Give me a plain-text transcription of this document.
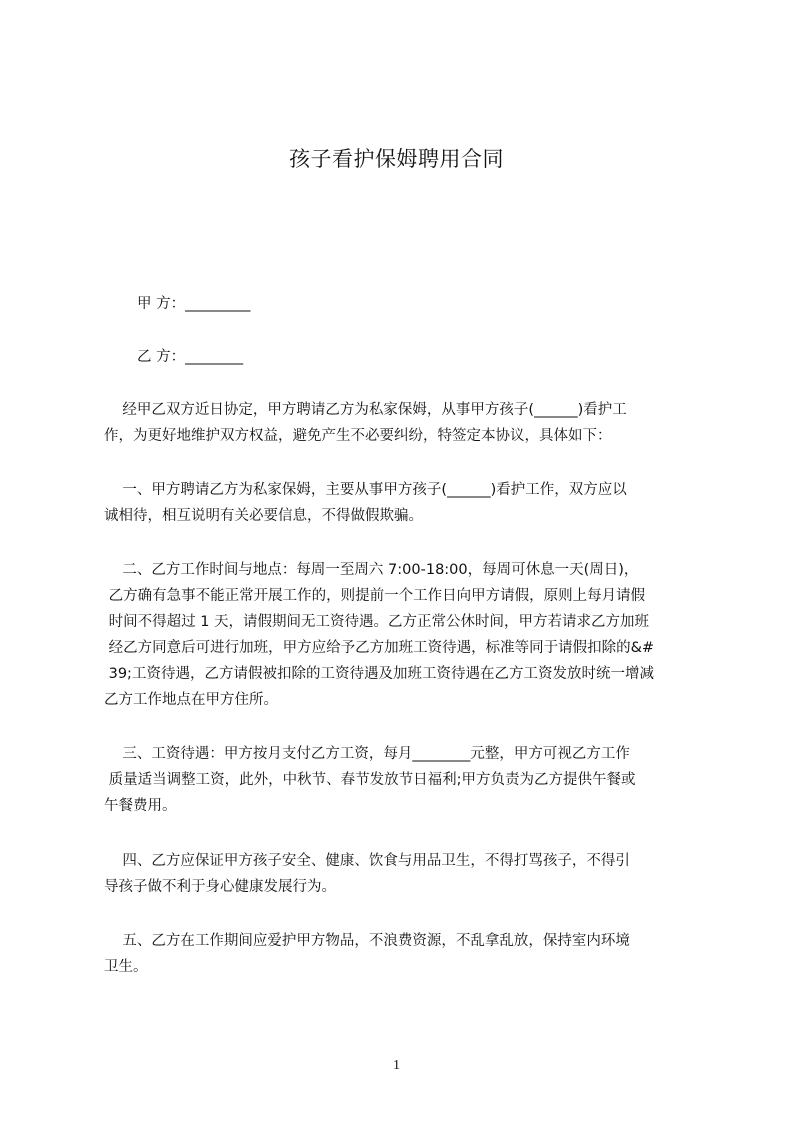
孩子看护保姆聘用合同
甲 方：_________
乙 方：________
经甲乙双方近日协定，甲方聘请乙方为私家保姆，从事甲方孩子(______)看护工
作，为更好地维护双方权益，避免产生不必要纠纷，特签定本协议，具体如下：
一、甲方聘请乙方为私家保姆，主要从事甲方孩子(______)看护工作，双方应以
诚相待，相互说明有关必要信息，不得做假欺骗。
二、乙方工作时间与地点：每周一至周六 7:00-18:00，每周可休息一天(周日)，
乙方确有急事不能正常开展工作的，则提前一个工作日向甲方请假，原则上每月请假
时间不得超过 1 天，请假期间无工资待遇。乙方正常公休时间，甲方若请求乙方加班
经乙方同意后可进行加班，甲方应给予乙方加班工资待遇，标准等同于请假扣除的&#
39;工资待遇，乙方请假被扣除的工资待遇及加班工资待遇在乙方工资发放时统一增减
乙方工作地点在甲方住所。
三、工资待遇：甲方按月支付乙方工资，每月________元整，甲方可视乙方工作
质量适当调整工资，此外，中秋节、春节发放节日福利;甲方负责为乙方提供午餐或
午餐费用。
四、乙方应保证甲方孩子安全、健康、饮食与用品卫生，不得打骂孩子，不得引
导孩子做不利于身心健康发展行为。
五、乙方在工作期间应爱护甲方物品，不浪费资源，不乱拿乱放，保持室内环境
卫生。
1
